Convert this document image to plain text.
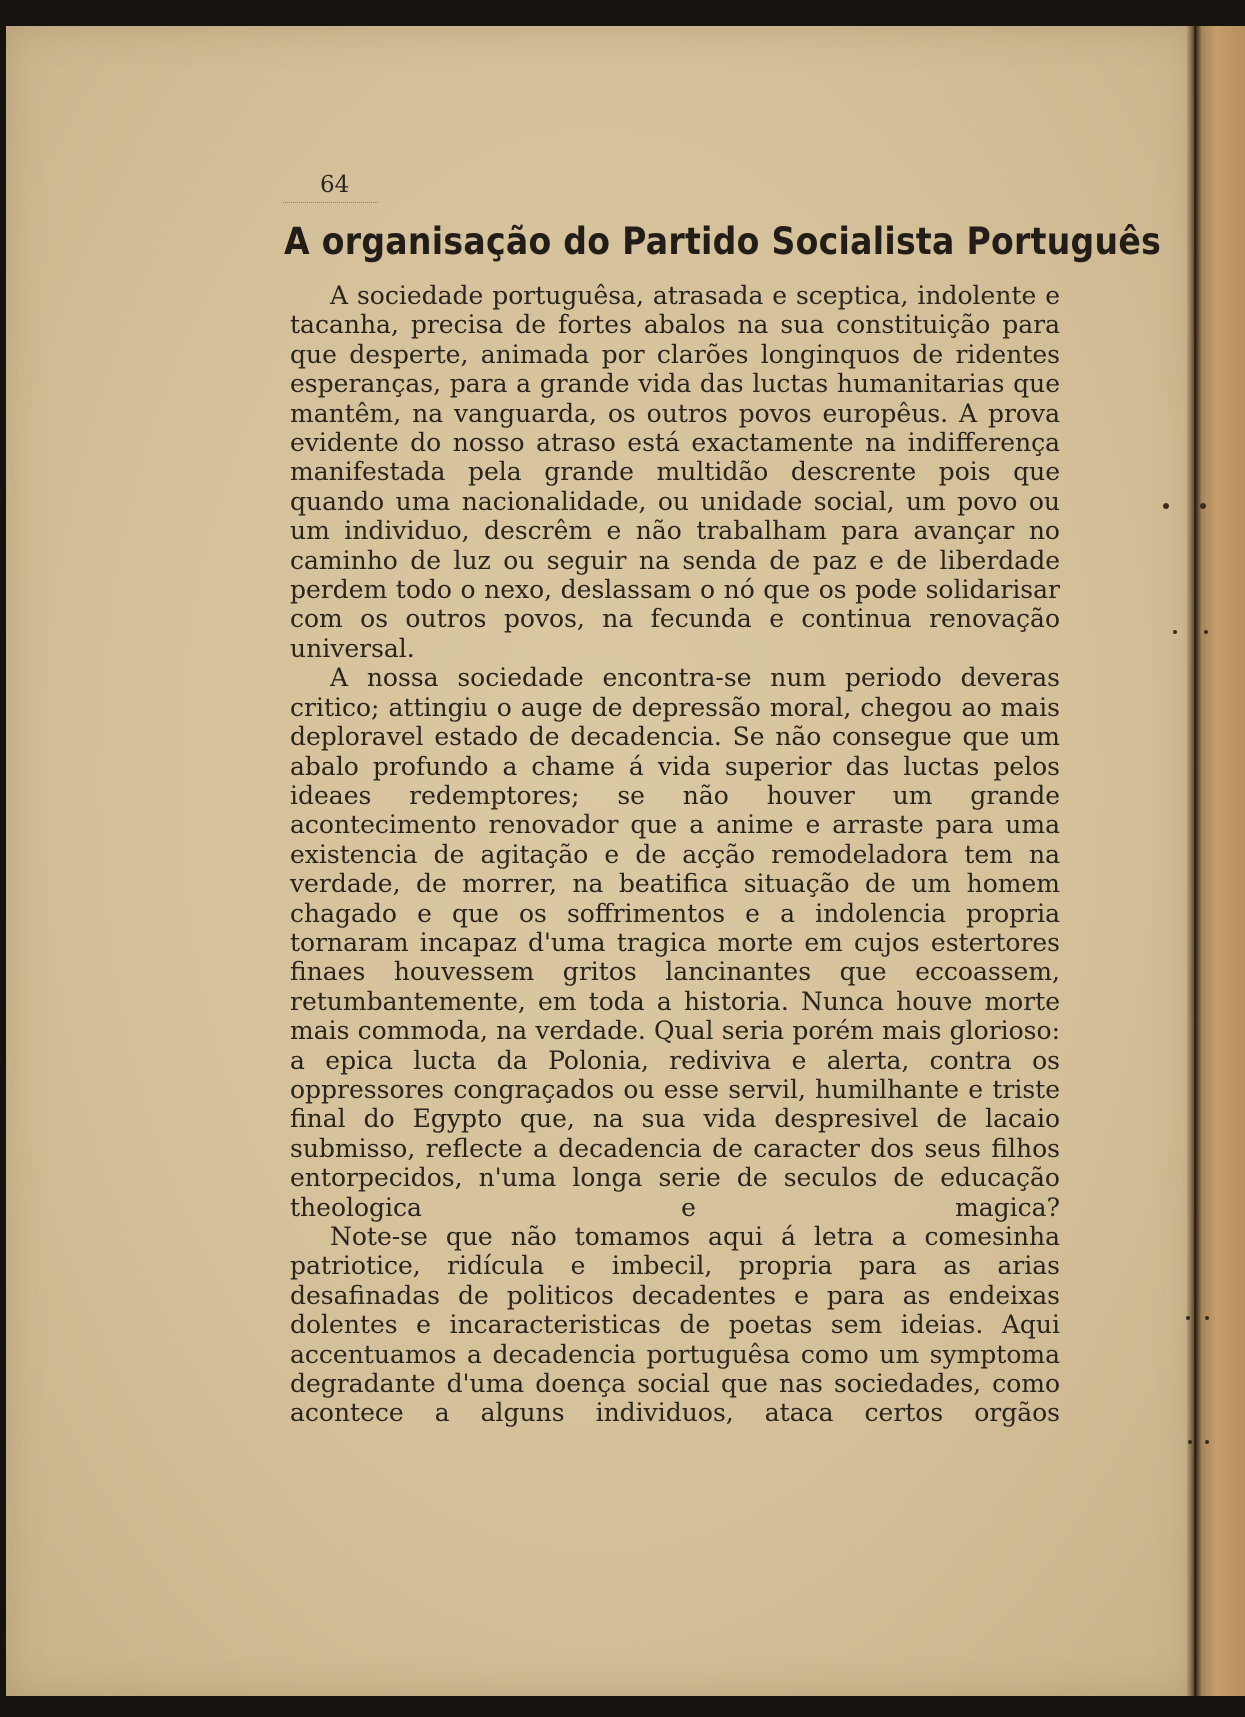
64
A organisação do Partido Socialista Português

A sociedade portuguêsa, atrasada e sceptica, indolente e tacanha, precisa de fortes abalos na sua constituição para que desperte, animada por clarões longinquos de ridentes esperanças, para a grande vida das luctas humanitarias que mantêm, na vanguarda, os outros povos europêus. A prova evidente do nosso atraso está exactamente na indifferença manifestada pela grande multidão descrente pois que quando uma nacionalidade, ou unidade social, um povo ou um individuo, descrêm e não trabalham para avançar no caminho de luz ou seguir na senda de paz e de liberdade perdem todo o nexo, deslassam o nó que os pode solidarisar com os outros povos, na fecunda e continua renovação universal.

A nossa sociedade encontra-se num periodo deveras critico; attingiu o auge de depressão moral, chegou ao mais deploravel estado de decadencia. Se não consegue que um abalo profundo a chame á vida superior das luctas pelos ideaes redemptores; se não houver um grande acontecimento renovador que a anime e arraste para uma existencia de agitação e de acção remodeladora tem na verdade, de morrer, na beatifica situação de um homem chagado e que os soffrimentos e a indolencia propria tornaram incapaz d'uma tragica morte em cujos estertores finaes houvessem gritos lancinantes que eccoassem, retumbantemente, em toda a historia. Nunca houve morte mais commoda, na verdade. Qual seria porém mais glorioso: a epica lucta da Polonia, rediviva e alerta, contra os oppressores congraçados ou esse servil, humilhante e triste final do Egypto que, na sua vida despresivel de lacaio submisso, reflecte a decadencia de caracter dos seus filhos entorpecidos, n'uma longa serie de seculos de educação theologica e magica?

Note-se que não tomamos aqui á letra a comesinha patriotice, ridícula e imbecil, propria para as arias desafinadas de politicos decadentes e para as endeixas dolentes e incaracteristicas de poetas sem ideias. Aqui accentuamos a decadencia portuguêsa como um symptoma degradante d'uma doença social que nas sociedades, como acontece a alguns individuos, ataca certos orgãos
